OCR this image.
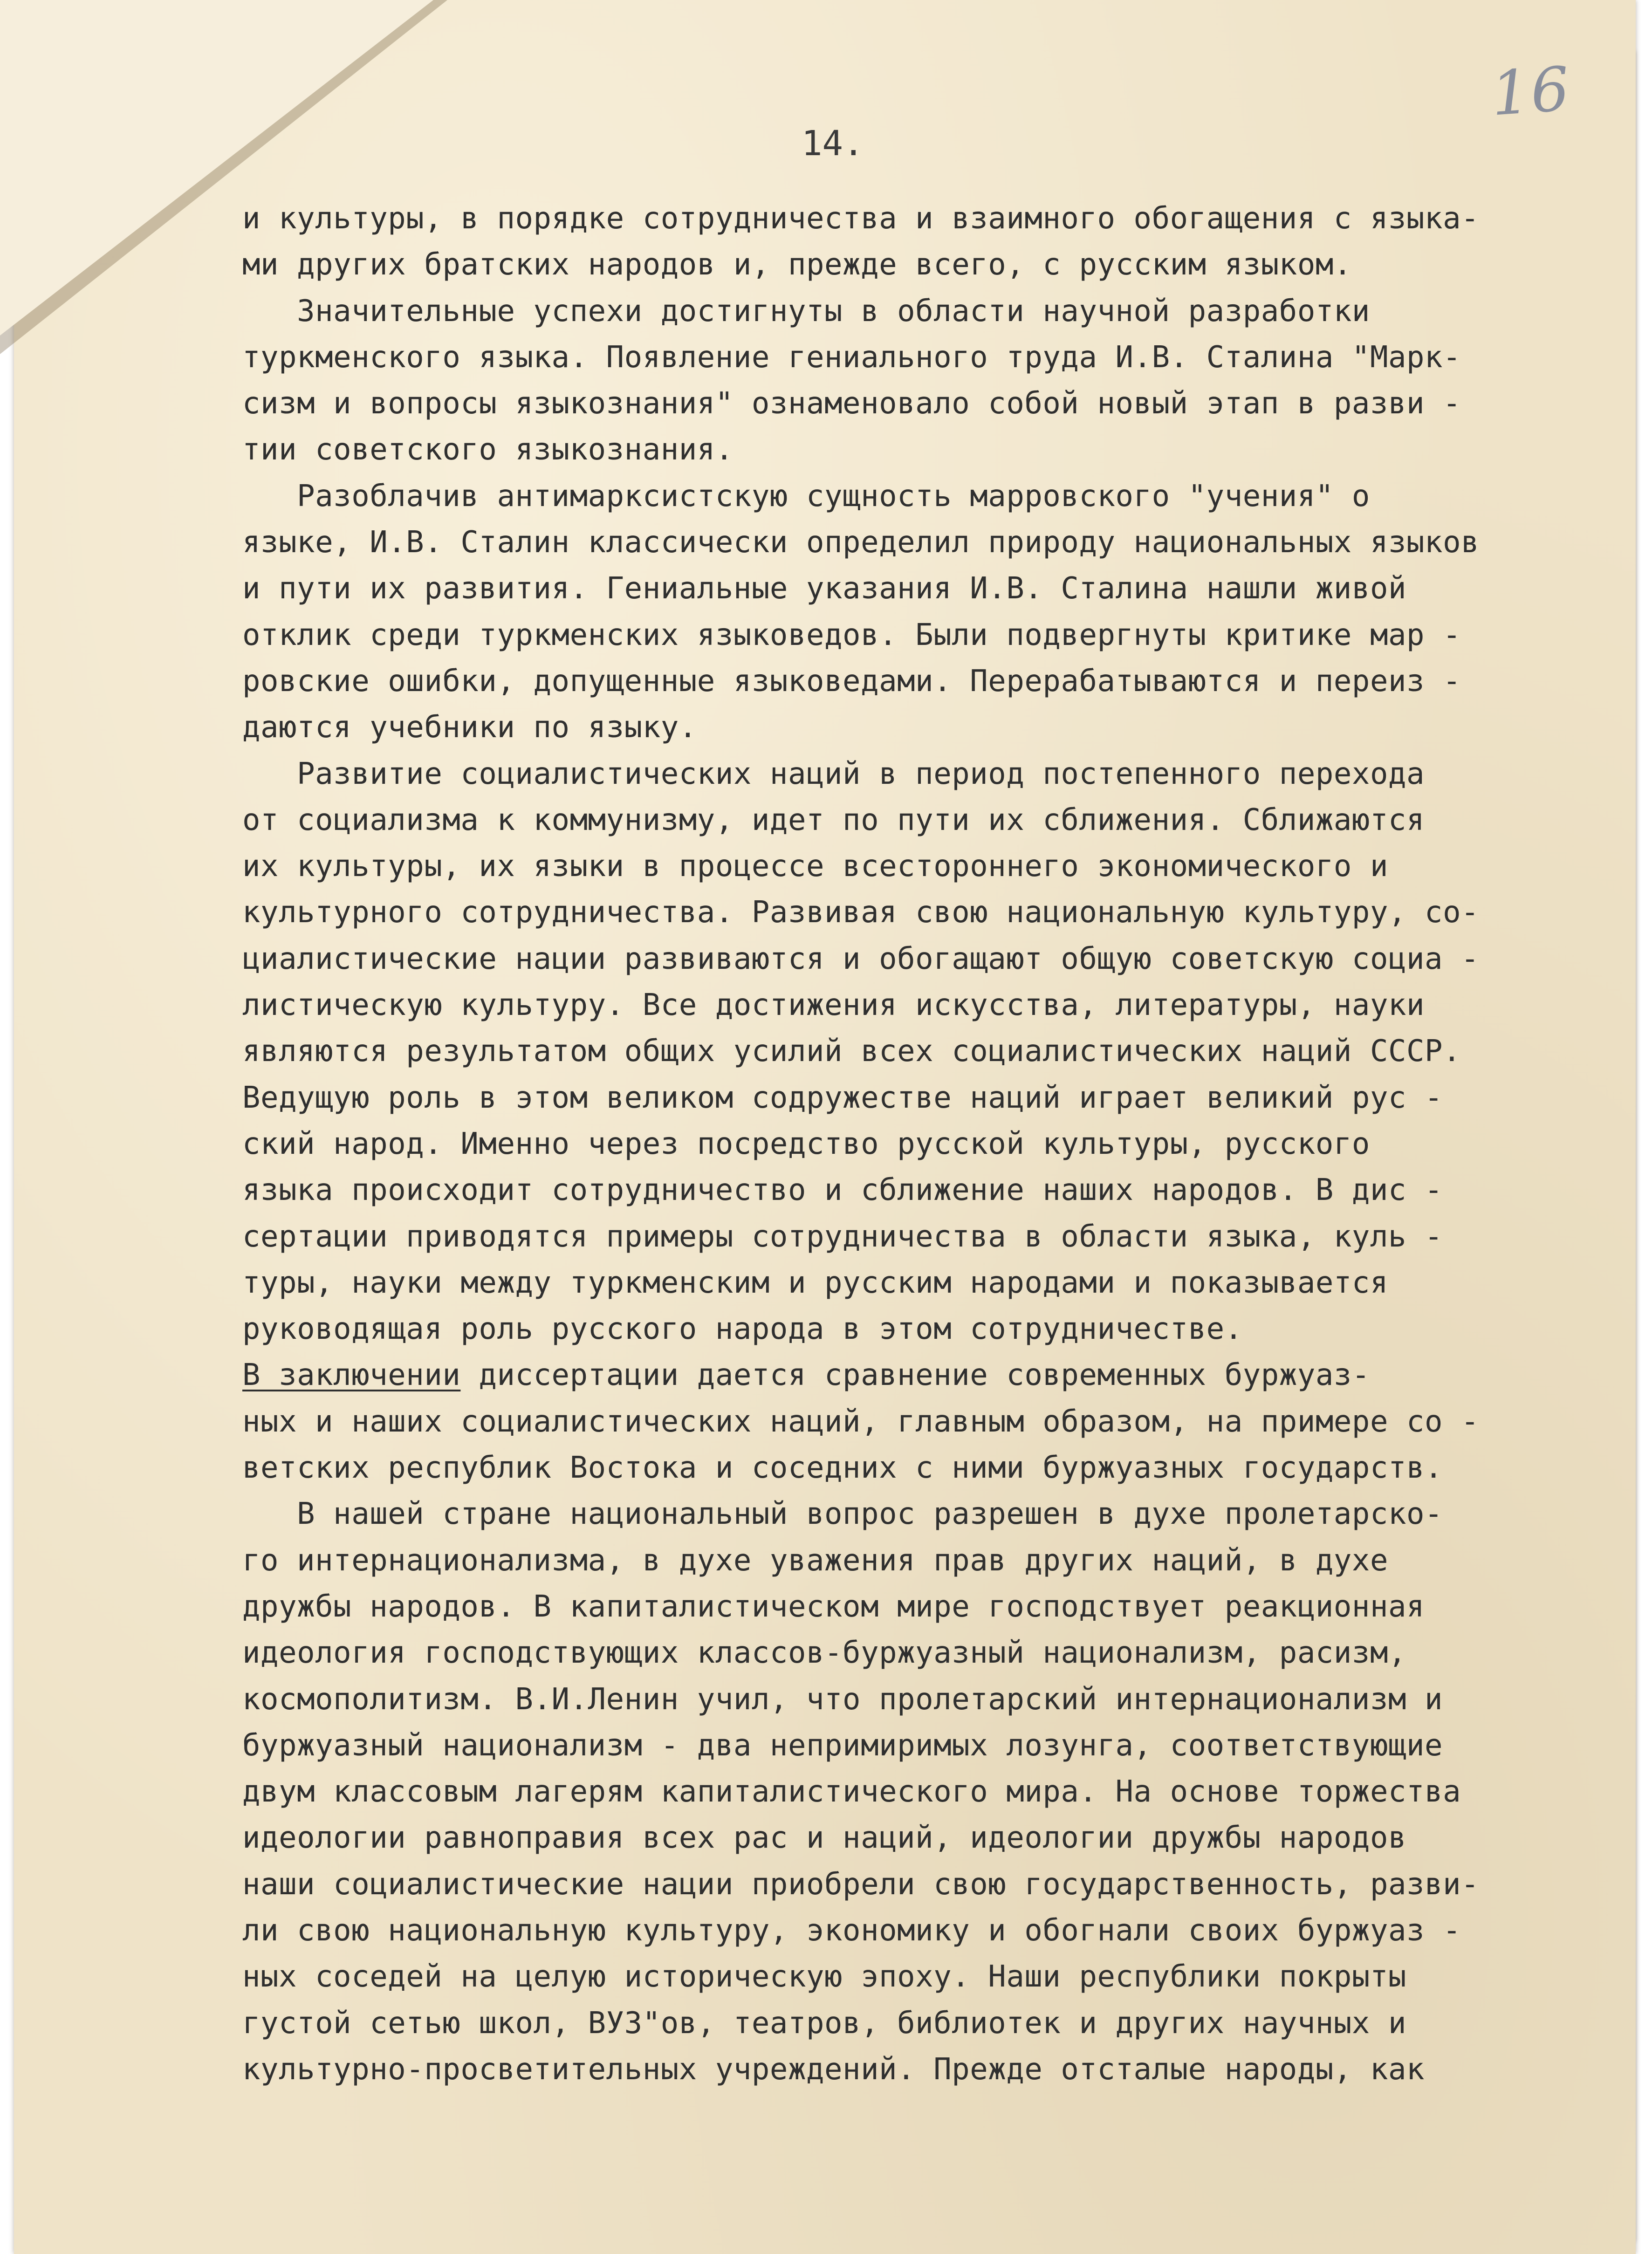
16
14.
и культуры, в порядке сотрудничества и взаимного обогащения с языка-
ми других братских народов и, прежде всего, с русским языком.
Значительные успехи достигнуты в области научной разработки
туркменского языка. Появление гениального труда И.В. Сталина "Марк-
сизм и вопросы языкознания" ознаменовало собой новый этап в разви -
тии советского языкознания.
Разоблачив антимарксистскую сущность марровского "учения" о
языке, И.В. Сталин классически определил природу национальных языков
и пути их развития. Гениальные указания И.В. Сталина нашли живой
отклик среди туркменских языковедов. Были подвергнуты критике мар -
ровские ошибки, допущенные языковедами. Перерабатываются и переиз -
даются учебники по языку.
Развитие социалистических наций в период постепенного перехода
от социализма к коммунизму, идет по пути их сближения. Сближаются
их культуры, их языки в процессе всестороннего экономического и
культурного сотрудничества. Развивая свою национальную культуру, со-
циалистические нации развиваются и обогащают общую советскую социа -
листическую культуру. Все достижения искусства, литературы, науки
являются результатом общих усилий всех социалистических наций СССР.
Ведущую роль в этом великом содружестве наций играет великий рус -
ский народ. Именно через посредство русской культуры, русского
языка происходит сотрудничество и сближение наших народов. В дис -
сертации приводятся примеры сотрудничества в области языка, куль -
туры, науки между туркменским и русским народами и показывается
руководящая роль русского народа в этом сотрудничестве.
В заключении диссертации дается сравнение современных буржуаз-
ных и наших социалистических наций, главным образом, на примере со -
ветских республик Востока и соседних с ними буржуазных государств.
В нашей стране национальный вопрос разрешен в духе пролетарско-
го интернационализма, в духе уважения прав других наций, в духе
дружбы народов. В капиталистическом мире господствует реакционная
идеология господствующих классов-буржуазный национализм, расизм,
космополитизм. В.И.Ленин учил, что пролетарский интернационализм и
буржуазный национализм - два непримиримых лозунга, соответствующие
двум классовым лагерям капиталистического мира. На основе торжества
идеологии равноправия всех рас и наций, идеологии дружбы народов
наши социалистические нации приобрели свою государственность, разви-
ли свою национальную культуру, экономику и обогнали своих буржуаз -
ных соседей на целую историческую эпоху. Наши республики покрыты
густой сетью школ, ВУЗ"ов, театров, библиотек и других научных и
культурно-просветительных учреждений. Прежде отсталые народы, как
